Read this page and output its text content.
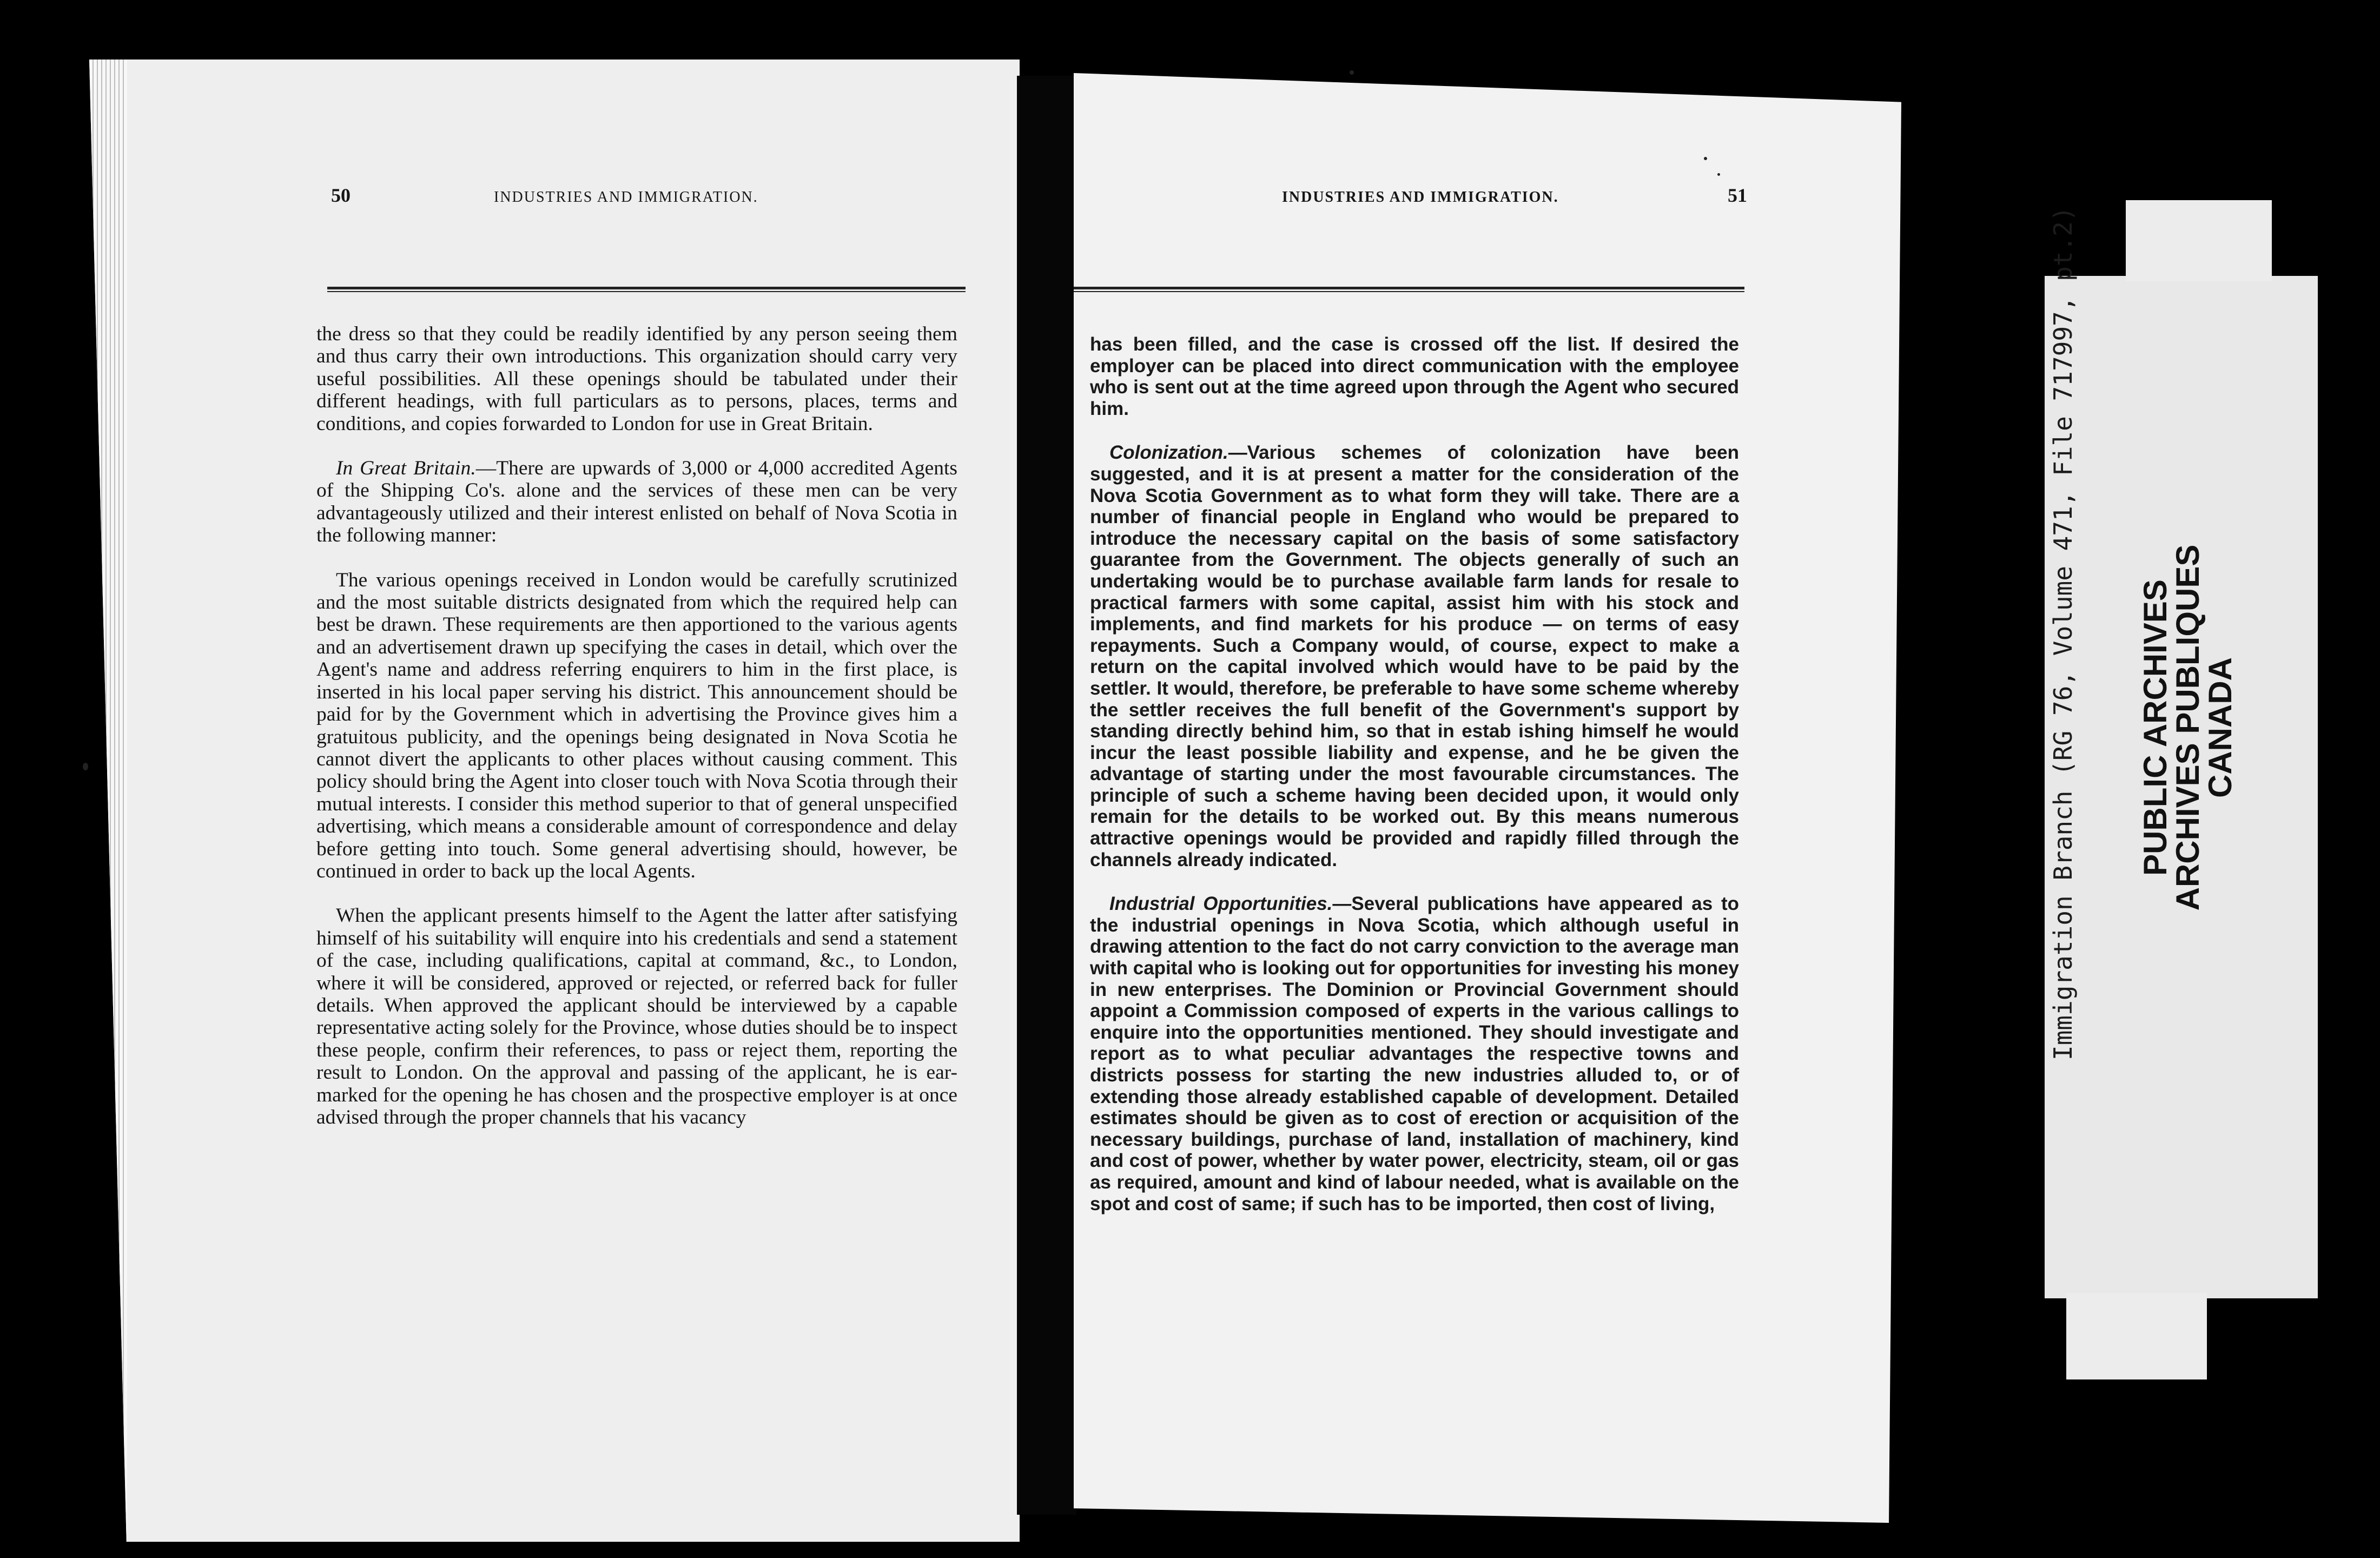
50	INDUSTRIES AND IMMIGRATION.

the dress so that they could be readily identified by any person seeing them and thus carry their own introductions. This organization should carry very useful possibilities. All these openings should be tabulated under their different headings, with full particulars as to persons, places, terms and conditions, and copies forwarded to London for use in Great Britain.

In Great Britain.—There are upwards of 3,000 or 4,000 accredited Agents of the Shipping Co's. alone and the services of these men can be very advantageously utilized and their interest enlisted on behalf of Nova Scotia in the following manner:

The various openings received in London would be carefully scrutinized and the most suitable districts designated from which the required help can best be drawn. These requirements are then apportioned to the various agents and an advertisement drawn up specifying the cases in detail, which over the Agent's name and address referring enquirers to him in the first place, is inserted in his local paper serving his district. This announcement should be paid for by the Government which in advertising the Province gives him a gratuitous publicity, and the openings being designated in Nova Scotia he cannot divert the applicants to other places without causing comment. This policy should bring the Agent into closer touch with Nova Scotia through their mutual interests. I consider this method superior to that of general unspecified advertising, which means a considerable amount of correspondence and delay before getting into touch. Some general advertising should, however, be continued in order to back up the local Agents.

When the applicant presents himself to the Agent the latter after satisfying himself of his suitability will enquire into his credentials and send a statement of the case, including qualifications, capital at command, &c., to London, where it will be considered, approved or rejected, or referred back for fuller details. When approved the applicant should be interviewed by a capable representative acting solely for the Province, whose duties should be to inspect these people, confirm their references, to pass or reject them, reporting the result to London. On the approval and passing of the applicant, he is ear-marked for the opening he has chosen and the prospective employer is at once advised through the proper channels that his vacancy

INDUSTRIES AND IMMIGRATION.	51

has been filled, and the case is crossed off the list. If desired the employer can be placed into direct communication with the employee who is sent out at the time agreed upon through the Agent who secured him.

Colonization.—Various schemes of colonization have been suggested, and it is at present a matter for the consideration of the Nova Scotia Government as to what form they will take. There are a number of financial people in England who would be prepared to introduce the necessary capital on the basis of some satisfactory guarantee from the Government. The objects generally of such an undertaking would be to purchase available farm lands for resale to practical farmers with some capital, assist him with his stock and implements, and find markets for his produce — on terms of easy repayments. Such a Company would, of course, expect to make a return on the capital involved which would have to be paid by the settler. It would, therefore, be preferable to have some scheme whereby the settler receives the full benefit of the Government's support by standing directly behind him, so that in estab ishing himself he would incur the least possible liability and expense, and he be given the advantage of starting under the most favourable circumstances. The principle of such a scheme having been decided upon, it would only remain for the details to be worked out. By this means numerous attractive openings would be provided and rapidly filled through the channels already indicated.

Industrial Opportunities.—Several publications have appeared as to the industrial openings in Nova Scotia, which although useful in drawing attention to the fact do not carry conviction to the average man with capital who is looking out for opportunities for investing his money in new enterprises. The Dominion or Provincial Government should appoint a Commission composed of experts in the various callings to enquire into the opportunities mentioned. They should investigate and report as to what peculiar advantages the respective towns and districts possess for starting the new industries alluded to, or of extending those already established capable of development. Detailed estimates should be given as to cost of erection or acquisition of the necessary buildings, purchase of land, installation of machinery, kind and cost of power, whether by water power, electricity, steam, oil or gas as required, amount and kind of labour needed, what is available on the spot and cost of same; if such has to be imported, then cost of living,

Immigration Branch (RG 76, Volume 471, File 717997, pt.2) PUBLIC ARCHIVES
ARCHIVES PUBLIQUES
CANADA
